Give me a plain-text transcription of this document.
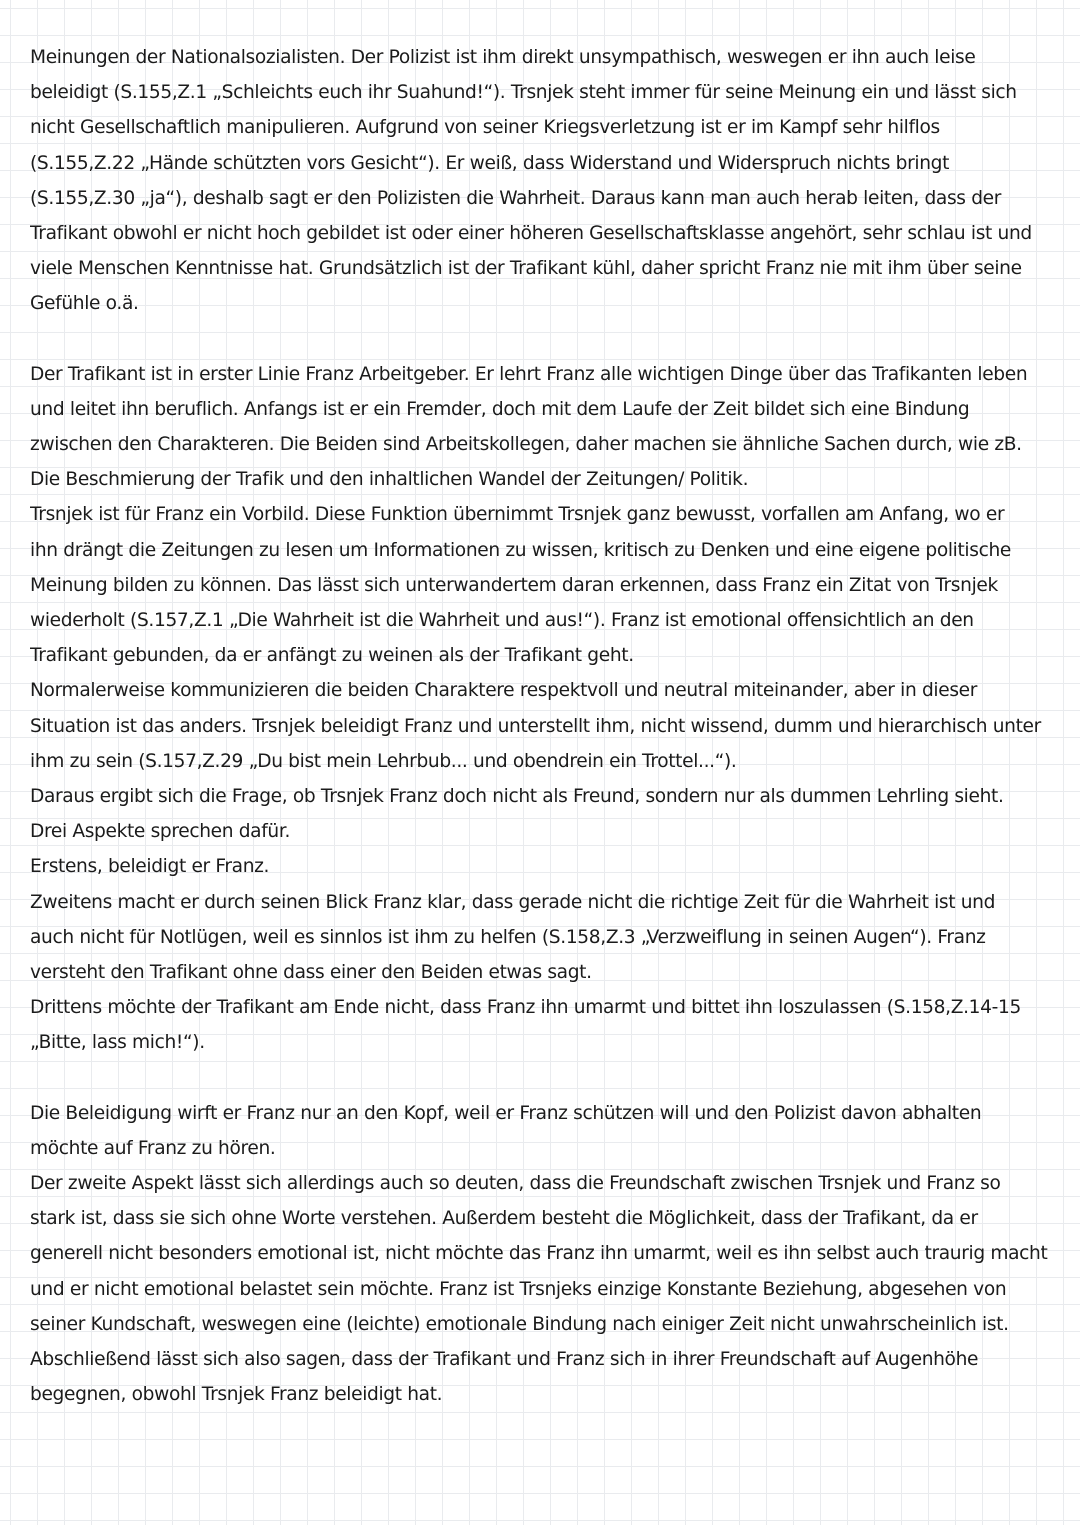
Meinungen der Nationalsozialisten. Der Polizist ist ihm direkt unsympathisch, weswegen er ihn auch leise
beleidigt (S.155,Z.1 „Schleichts euch ihr Suahund!“). Trsnjek steht immer für seine Meinung ein und lässt sich
nicht Gesellschaftlich manipulieren. Aufgrund von seiner Kriegsverletzung ist er im Kampf sehr hilflos
(S.155,Z.22 „Hände schützten vors Gesicht“). Er weiß, dass Widerstand und Widerspruch nichts bringt
(S.155,Z.30 „ja“), deshalb sagt er den Polizisten die Wahrheit. Daraus kann man auch herab leiten, dass der
Trafikant obwohl er nicht hoch gebildet ist oder einer höheren Gesellschaftsklasse angehört, sehr schlau ist und
viele Menschen Kenntnisse hat. Grundsätzlich ist der Trafikant kühl, daher spricht Franz nie mit ihm über seine
Gefühle o.ä.
Der Trafikant ist in erster Linie Franz Arbeitgeber. Er lehrt Franz alle wichtigen Dinge über das Trafikanten leben
und leitet ihn beruflich. Anfangs ist er ein Fremder, doch mit dem Laufe der Zeit bildet sich eine Bindung
zwischen den Charakteren. Die Beiden sind Arbeitskollegen, daher machen sie ähnliche Sachen durch, wie zB.
Die Beschmierung der Trafik und den inhaltlichen Wandel der Zeitungen/ Politik.
Trsnjek ist für Franz ein Vorbild. Diese Funktion übernimmt Trsnjek ganz bewusst, vorfallen am Anfang, wo er
ihn drängt die Zeitungen zu lesen um Informationen zu wissen, kritisch zu Denken und eine eigene politische
Meinung bilden zu können. Das lässt sich unterwandertem daran erkennen, dass Franz ein Zitat von Trsnjek
wiederholt (S.157,Z.1 „Die Wahrheit ist die Wahrheit und aus!“). Franz ist emotional offensichtlich an den
Trafikant gebunden, da er anfängt zu weinen als der Trafikant geht.
Normalerweise kommunizieren die beiden Charaktere respektvoll und neutral miteinander, aber in dieser
Situation ist das anders. Trsnjek beleidigt Franz und unterstellt ihm, nicht wissend, dumm und hierarchisch unter
ihm zu sein (S.157,Z.29 „Du bist mein Lehrbub... und obendrein ein Trottel...“).
Daraus ergibt sich die Frage, ob Trsnjek Franz doch nicht als Freund, sondern nur als dummen Lehrling sieht.
Drei Aspekte sprechen dafür.
Erstens, beleidigt er Franz.
Zweitens macht er durch seinen Blick Franz klar, dass gerade nicht die richtige Zeit für die Wahrheit ist und
auch nicht für Notlügen, weil es sinnlos ist ihm zu helfen (S.158,Z.3 „Verzweiflung in seinen Augen“). Franz
versteht den Trafikant ohne dass einer den Beiden etwas sagt.
Drittens möchte der Trafikant am Ende nicht, dass Franz ihn umarmt und bittet ihn loszulassen (S.158,Z.14-15
„Bitte, lass mich!“).
Die Beleidigung wirft er Franz nur an den Kopf, weil er Franz schützen will und den Polizist davon abhalten
möchte auf Franz zu hören.
Der zweite Aspekt lässt sich allerdings auch so deuten, dass die Freundschaft zwischen Trsnjek und Franz so
stark ist, dass sie sich ohne Worte verstehen. Außerdem besteht die Möglichkeit, dass der Trafikant, da er
generell nicht besonders emotional ist, nicht möchte das Franz ihn umarmt, weil es ihn selbst auch traurig macht
und er nicht emotional belastet sein möchte. Franz ist Trsnjeks einzige Konstante Beziehung, abgesehen von
seiner Kundschaft, weswegen eine (leichte) emotionale Bindung nach einiger Zeit nicht unwahrscheinlich ist.
Abschließend lässt sich also sagen, dass der Trafikant und Franz sich in ihrer Freundschaft auf Augenhöhe
begegnen, obwohl Trsnjek Franz beleidigt hat.
